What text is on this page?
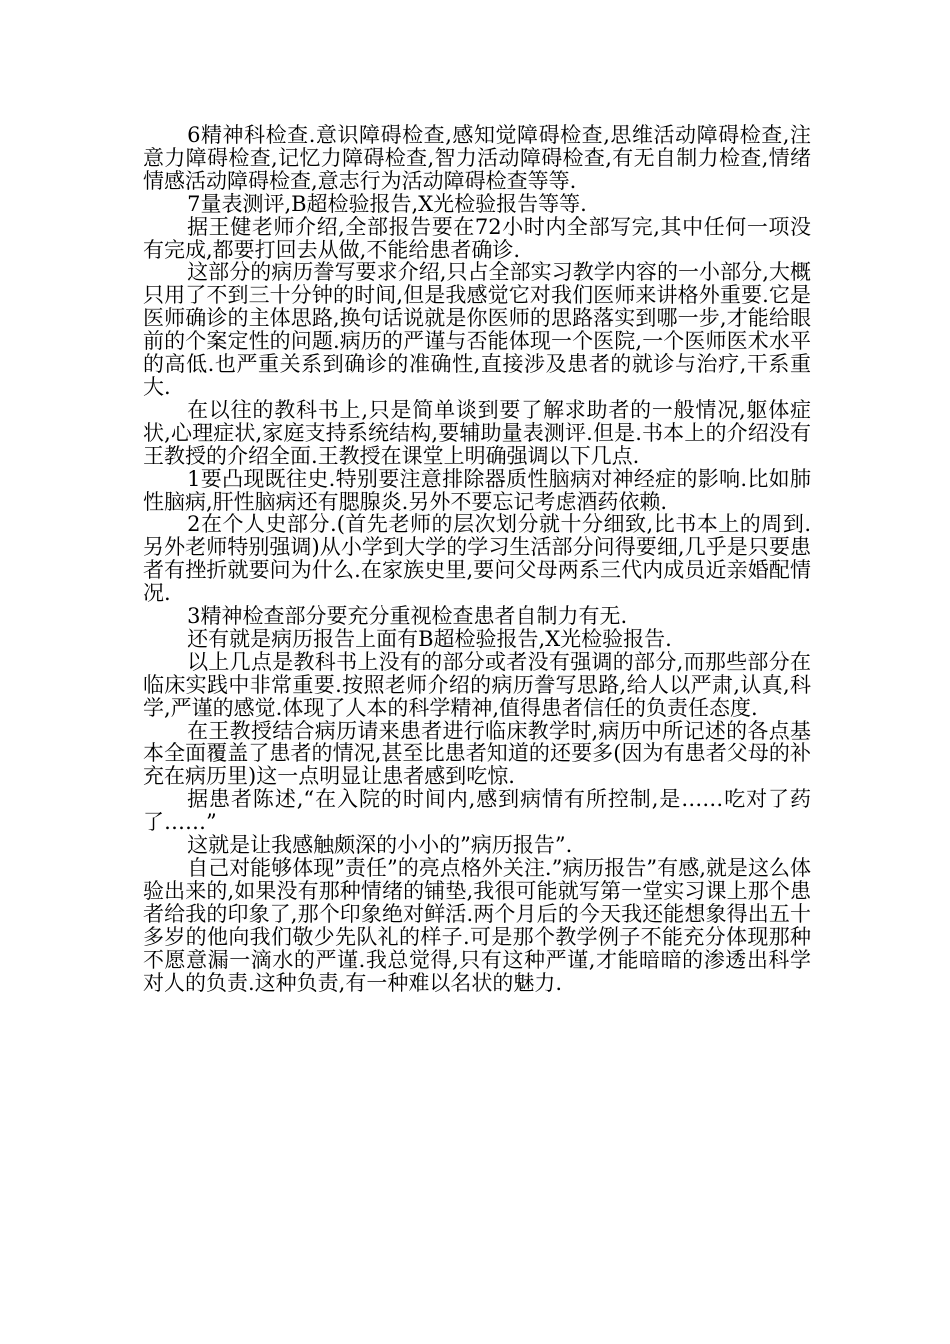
6精神科检查.意识障碍检查,感知觉障碍检查,思维活动障碍检查,注意力障碍检查,记忆力障碍检查,智力活动障碍检查,有无自制力检查,情绪情感活动障碍检查,意志行为活动障碍检查等等.

7量表测评,B超检验报告,X光检验报告等等.

据王健老师介绍,全部报告要在72小时内全部写完,其中任何一项没有完成,都要打回去从做,不能给患者确诊.

这部分的病历誊写要求介绍,只占全部实习教学内容的一小部分,大概只用了不到三十分钟的时间,但是我感觉它对我们医师来讲格外重要.它是医师确诊的主体思路,换句话说就是你医师的思路落实到哪一步,才能给眼前的个案定性的问题.病历的严谨与否能体现一个医院,一个医师医术水平的高低.也严重关系到确诊的准确性,直接涉及患者的就诊与治疗,干系重大.

在以往的教科书上,只是简单谈到要了解求助者的一般情况,躯体症状,心理症状,家庭支持系统结构,要辅助量表测评.但是.书本上的介绍没有王教授的介绍全面.王教授在课堂上明确强调以下几点.

1要凸现既往史.特别要注意排除器质性脑病对神经症的影响.比如肺性脑病,肝性脑病还有腮腺炎.另外不要忘记考虑酒药依赖.

2在个人史部分.(首先老师的层次划分就十分细致,比书本上的周到.另外老师特别强调)从小学到大学的学习生活部分问得要细,几乎是只要患者有挫折就要问为什么.在家族史里,要问父母两系三代内成员近亲婚配情况.

3精神检查部分要充分重视检查患者自制力有无.

还有就是病历报告上面有B超检验报告,X光检验报告.

以上几点是教科书上没有的部分或者没有强调的部分,而那些部分在临床实践中非常重要.按照老师介绍的病历誊写思路,给人以严肃,认真,科学,严谨的感觉.体现了人本的科学精神,值得患者信任的负责任态度.

在王教授结合病历请来患者进行临床教学时,病历中所记述的各点基本全面覆盖了患者的情况,甚至比患者知道的还要多(因为有患者父母的补充在病历里)这一点明显让患者感到吃惊.

据患者陈述,“在入院的时间内,感到病情有所控制,是……吃对了药了……”

这就是让我感触颇深的小小的”病历报告”.

自己对能够体现”责任”的亮点格外关注.”病历报告”有感,就是这么体验出来的,如果没有那种情绪的铺垫,我很可能就写第一堂实习课上那个患者给我的印象了,那个印象绝对鲜活.两个月后的今天我还能想象得出五十多岁的他向我们敬少先队礼的样子.可是那个教学例子不能充分体现那种不愿意漏一滴水的严谨.我总觉得,只有这种严谨,才能暗暗的渗透出科学对人的负责.这种负责,有一种难以名状的魅力.
